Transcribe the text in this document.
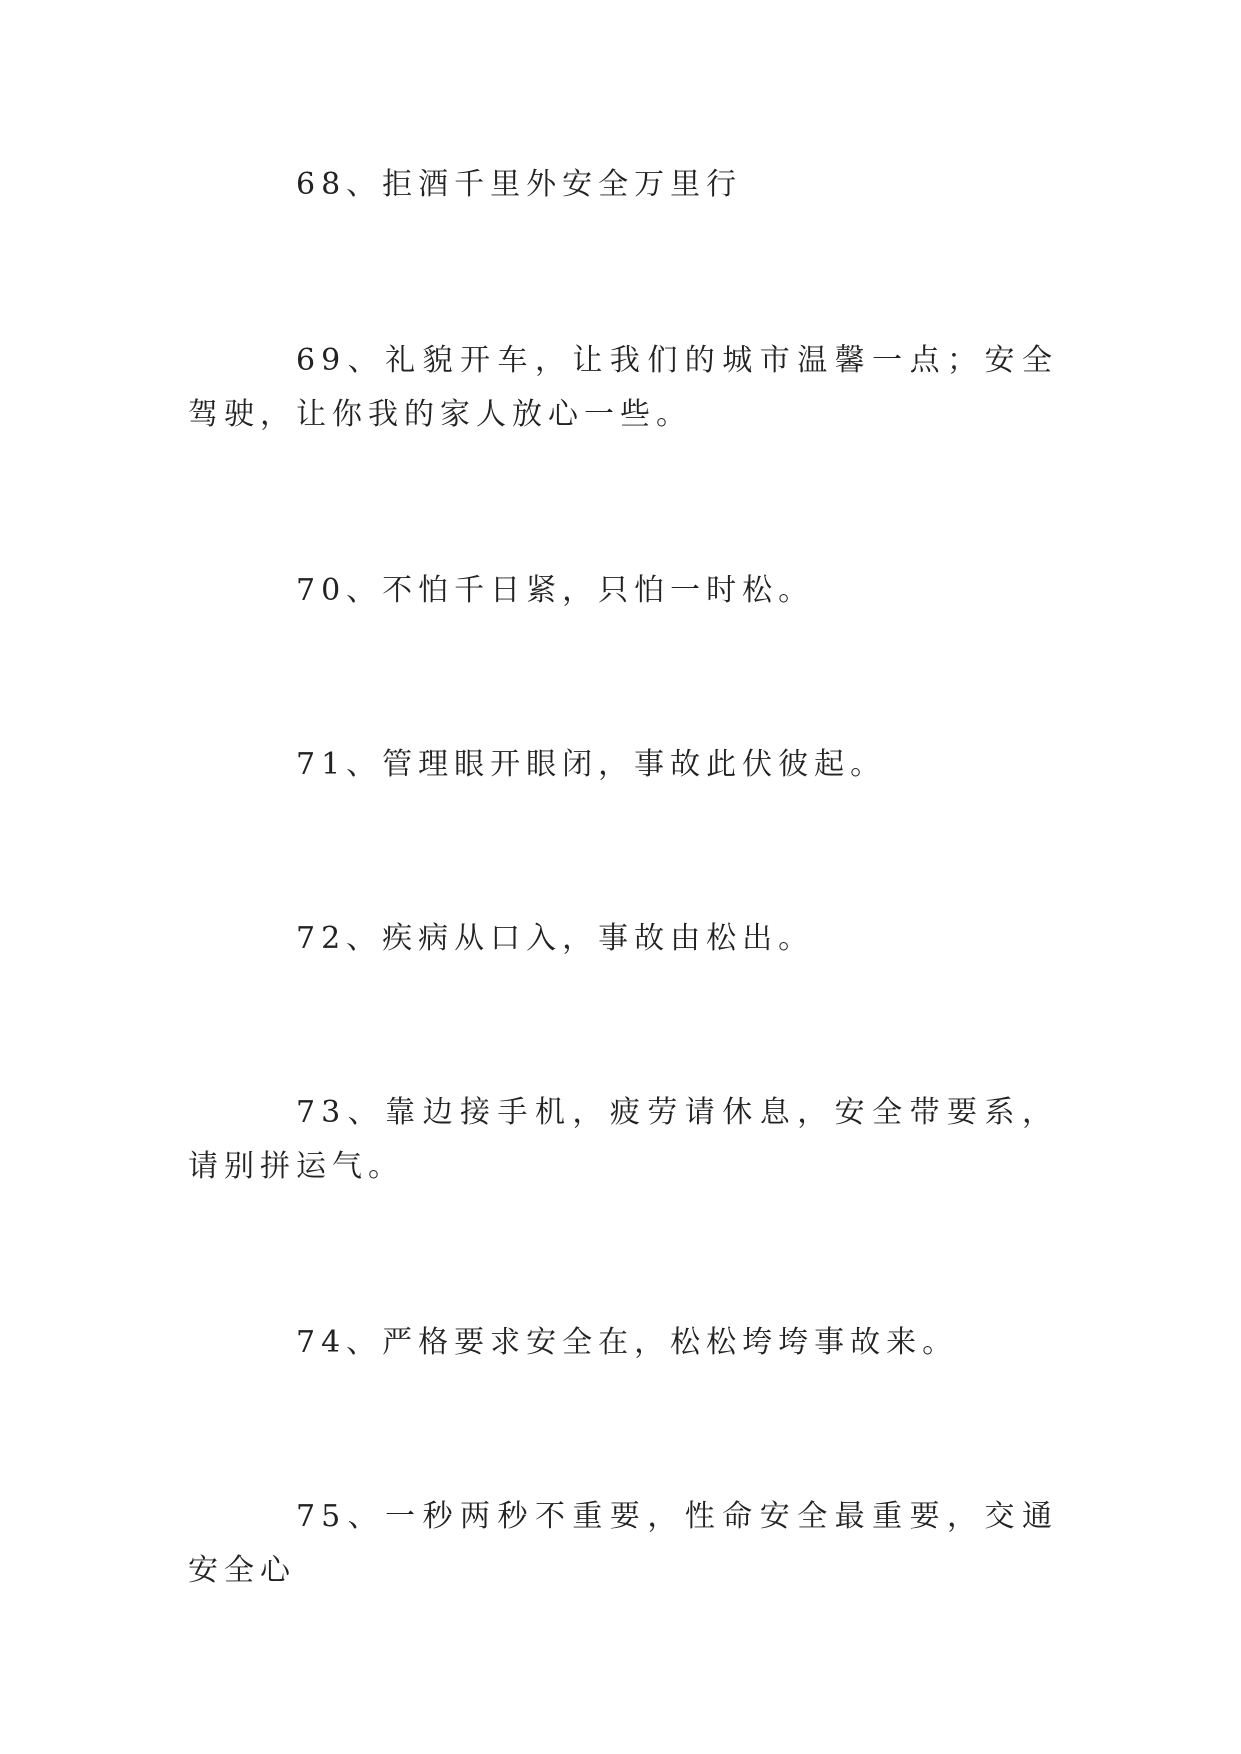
68、拒酒千里外安全万里行

69、礼貌开车，让我们的城市温馨一点；安全驾驶，让你我的家人放心一些。

70、不怕千日紧，只怕一时松。

71、管理眼开眼闭，事故此伏彼起。

72、疾病从口入，事故由松出。

73、靠边接手机，疲劳请休息，安全带要系，请别拼运气。

74、严格要求安全在，松松垮垮事故来。

75、一秒两秒不重要，性命安全最重要，交通安全心
